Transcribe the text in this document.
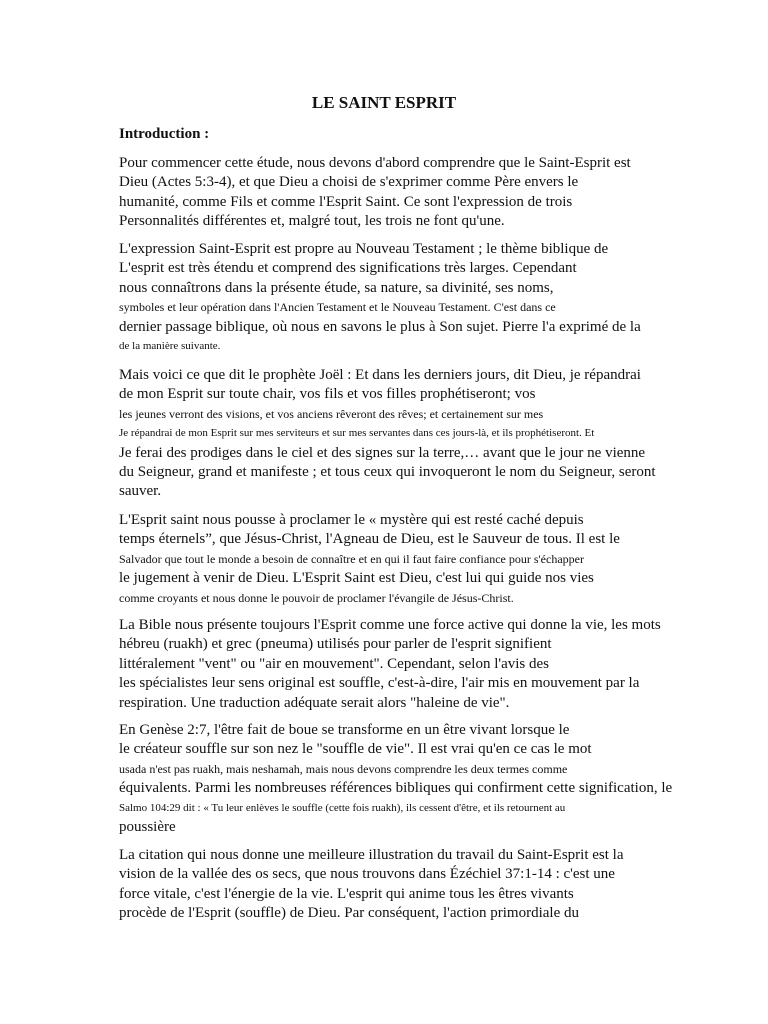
LE SAINT ESPRIT
Introduction :

Pour commencer cette étude, nous devons d'abord comprendre que le Saint-Esprit est
Dieu (Actes 5:3-4), et que Dieu a choisi de s'exprimer comme Père envers le
humanité, comme Fils et comme l'Esprit Saint. Ce sont l'expression de trois
Personnalités différentes et, malgré tout, les trois ne font qu'une.

L'expression Saint-Esprit est propre au Nouveau Testament ; le thème biblique de
L'esprit est très étendu et comprend des significations très larges. Cependant
nous connaîtrons dans la présente étude, sa nature, sa divinité, ses noms,
symboles et leur opération dans l'Ancien Testament et le Nouveau Testament. C'est dans ce
dernier passage biblique, où nous en savons le plus à Son sujet. Pierre l'a exprimé de la
de la manière suivante.

Mais voici ce que dit le prophète Joël : Et dans les derniers jours, dit Dieu, je répandrai
de mon Esprit sur toute chair, vos fils et vos filles prophétiseront; vos
les jeunes verront des visions, et vos anciens rêveront des rêves; et certainement sur mes
Je répandrai de mon Esprit sur mes serviteurs et sur mes servantes dans ces jours-là, et ils prophétiseront. Et
Je ferai des prodiges dans le ciel et des signes sur la terre,… avant que le jour ne vienne
du Seigneur, grand et manifeste ; et tous ceux qui invoqueront le nom du Seigneur, seront
sauver.

L'Esprit saint nous pousse à proclamer le « mystère qui est resté caché depuis
temps éternels”, que Jésus-Christ, l'Agneau de Dieu, est le Sauveur de tous. Il est le
Salvador que tout le monde a besoin de connaître et en qui il faut faire confiance pour s'échapper
le jugement à venir de Dieu. L'Esprit Saint est Dieu, c'est lui qui guide nos vies
comme croyants et nous donne le pouvoir de proclamer l'évangile de Jésus-Christ.

La Bible nous présente toujours l'Esprit comme une force active qui donne la vie, les mots
hébreu (ruakh) et grec (pneuma) utilisés pour parler de l'esprit signifient
littéralement "vent" ou "air en mouvement". Cependant, selon l'avis des
les spécialistes leur sens original est souffle, c'est-à-dire, l'air mis en mouvement par la
respiration. Une traduction adéquate serait alors "haleine de vie".

En Genèse 2:7, l'être fait de boue se transforme en un être vivant lorsque le
le créateur souffle sur son nez le "souffle de vie". Il est vrai qu'en ce cas le mot
usada n'est pas ruakh, mais neshamah, mais nous devons comprendre les deux termes comme
équivalents. Parmi les nombreuses références bibliques qui confirment cette signification, le
Salmo 104:29 dit : « Tu leur enlèves le souffle (cette fois ruakh), ils cessent d'être, et ils retournent au
poussière

La citation qui nous donne une meilleure illustration du travail du Saint-Esprit est la
vision de la vallée des os secs, que nous trouvons dans Ézéchiel 37:1-14 : c'est une
force vitale, c'est l'énergie de la vie. L'esprit qui anime tous les êtres vivants
procède de l'Esprit (souffle) de Dieu. Par conséquent, l'action primordiale du
